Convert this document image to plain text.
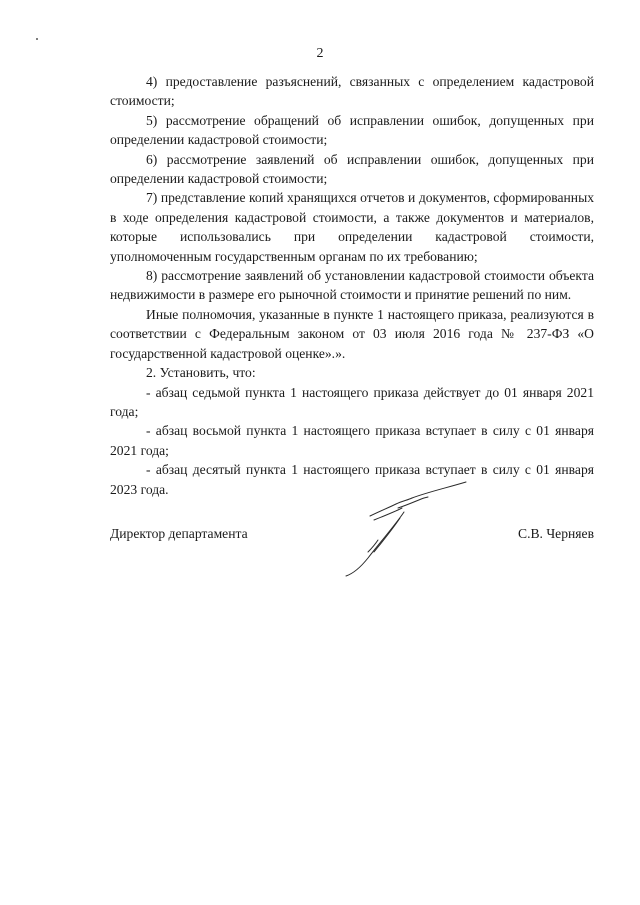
2

4) предоставление разъяснений, связанных с определением кадастровой стоимости;

5) рассмотрение обращений об исправлении ошибок, допущенных при определении кадастровой стоимости;

6) рассмотрение заявлений об исправлении ошибок, допущенных при определении кадастровой стоимости;

7) представление копий хранящихся отчетов и документов, сформированных в ходе определения кадастровой стоимости, а также документов и материалов, которые использовались при определении кадастровой стоимости, уполномоченным государственным органам по их требованию;

8) рассмотрение заявлений об установлении кадастровой стоимости объекта недвижимости в размере его рыночной стоимости и принятие решений по ним.

Иные полномочия, указанные в пункте 1 настоящего приказа, реализуются в соответствии с Федеральным законом от 03 июля 2016 года № 237-ФЗ «О государственной кадастровой оценке».».

2. Установить, что:

- абзац седьмой пункта 1 настоящего приказа действует до 01 января 2021 года;

- абзац восьмой пункта 1 настоящего приказа вступает в силу с 01 января 2021 года;

- абзац десятый пункта 1 настоящего приказа вступает в силу с 01 января 2023 года.

Директор департамента	С.В. Черняев
